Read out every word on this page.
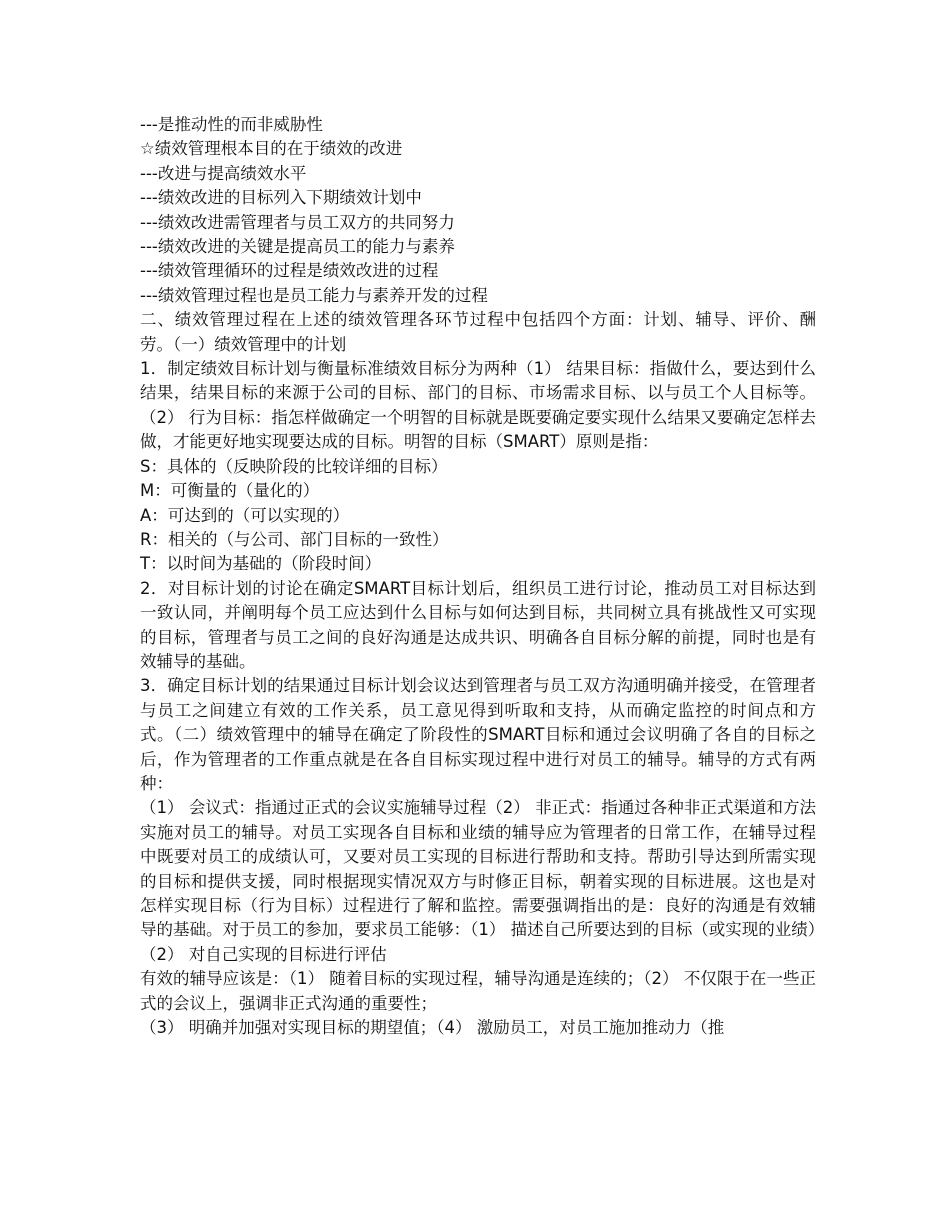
---是推动性的而非威胁性

☆绩效管理根本目的在于绩效的改进

---改进与提高绩效水平

---绩效改进的目标列入下期绩效计划中

---绩效改进需管理者与员工双方的共同努力

---绩效改进的关键是提高员工的能力与素养

---绩效管理循环的过程是绩效改进的过程

---绩效管理过程也是员工能力与素养开发的过程

二、绩效管理过程在上述的绩效管理各环节过程中包括四个方面：计划、辅导、评价、酬劳。（一）绩效管理中的计划

1．制定绩效目标计划与衡量标准绩效目标分为两种（1） 结果目标：指做什么，要达到什么结果，结果目标的来源于公司的目标、部门的目标、市场需求目标、以与员工个人目标等。（2） 行为目标：指怎样做确定一个明智的目标就是既要确定要实现什么结果又要确定怎样去做，才能更好地实现要达成的目标。明智的目标（SMART）原则是指：

S：具体的（反映阶段的比较详细的目标）

M：可衡量的（量化的）

A：可达到的（可以实现的）

R：相关的（与公司、部门目标的一致性）

T：以时间为基础的（阶段时间）

2．对目标计划的讨论在确定SMART目标计划后，组织员工进行讨论，推动员工对目标达到一致认同，并阐明每个员工应达到什么目标与如何达到目标，共同树立具有挑战性又可实现的目标，管理者与员工之间的良好沟通是达成共识、明确各自目标分解的前提，同时也是有效辅导的基础。

3．确定目标计划的结果通过目标计划会议达到管理者与员工双方沟通明确并接受，在管理者与员工之间建立有效的工作关系，员工意见得到听取和支持，从而确定监控的时间点和方式。（二）绩效管理中的辅导在确定了阶段性的SMART目标和通过会议明确了各自的目标之后，作为管理者的工作重点就是在各自目标实现过程中进行对员工的辅导。辅导的方式有两种：

（1） 会议式：指通过正式的会议实施辅导过程（2） 非正式：指通过各种非正式渠道和方法实施对员工的辅导。对员工实现各自目标和业绩的辅导应为管理者的日常工作，在辅导过程中既要对员工的成绩认可，又要对员工实现的目标进行帮助和支持。帮助引导达到所需实现的目标和提供支援，同时根据现实情况双方与时修正目标，朝着实现的目标进展。这也是对怎样实现目标（行为目标）过程进行了解和监控。需要强调指出的是：良好的沟通是有效辅导的基础。对于员工的参加，要求员工能够：（1） 描述自己所要达到的目标（或实现的业绩）（2） 对自己实现的目标进行评估

有效的辅导应该是：（1） 随着目标的实现过程，辅导沟通是连续的；（2） 不仅限于在一些正式的会议上，强调非正式沟通的重要性；

（3） 明确并加强对实现目标的期望值；（4） 激励员工，对员工施加推动力（推
